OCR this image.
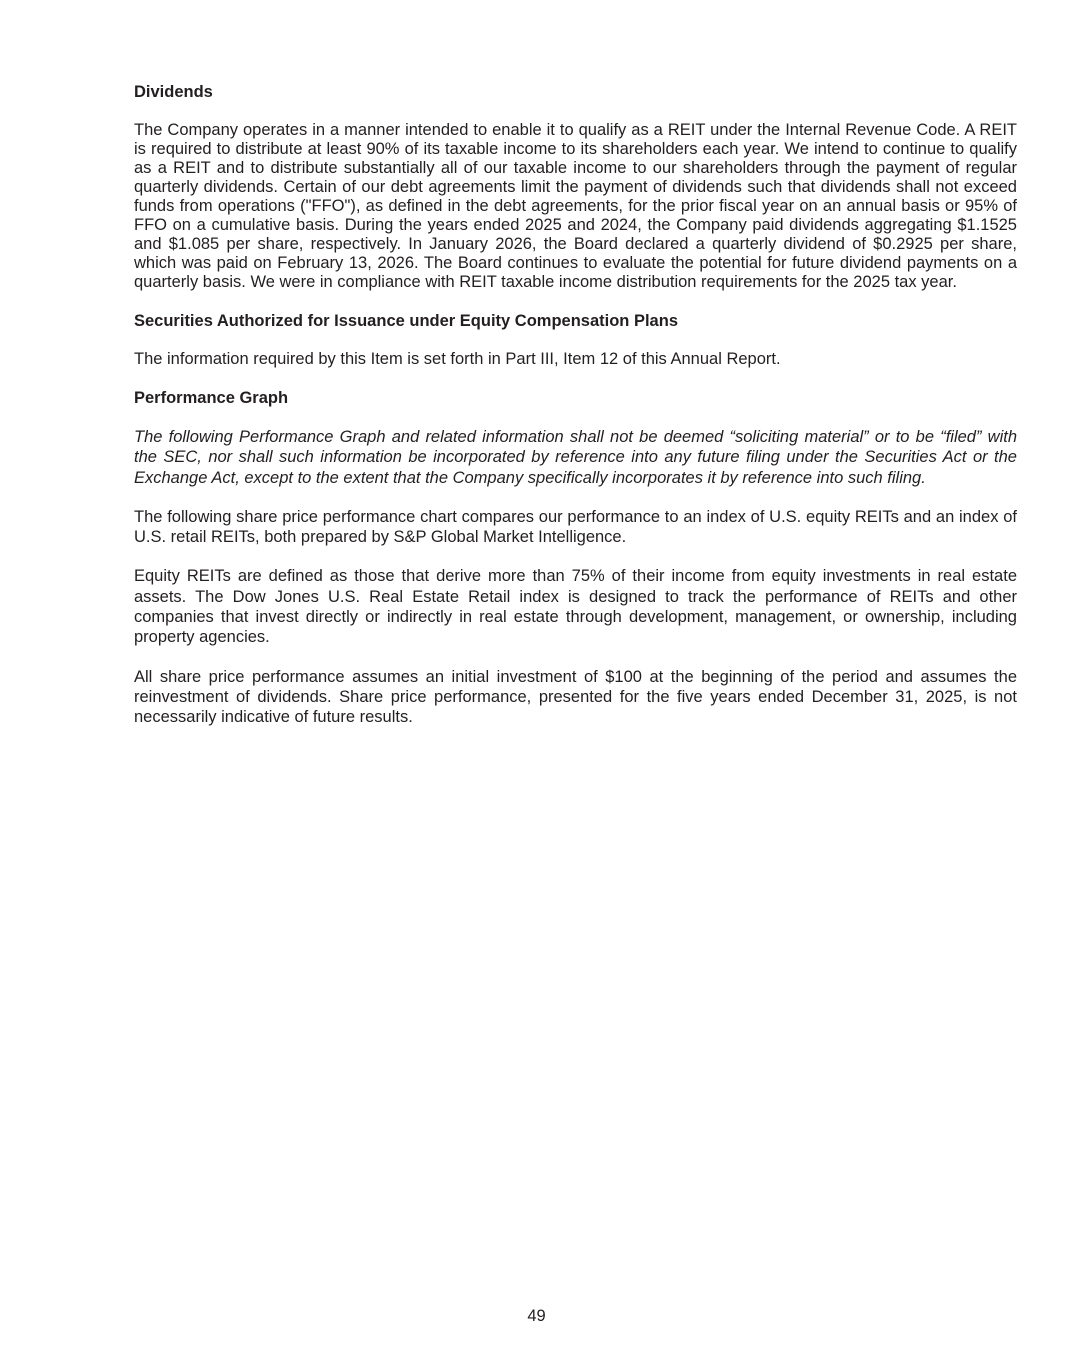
Dividends

The Company operates in a manner intended to enable it to qualify as a REIT under the Internal Revenue Code. A REIT is required to distribute at least 90% of its taxable income to its shareholders each year. We intend to continue to qualify as a REIT and to distribute substantially all of our taxable income to our shareholders through the payment of regular quarterly dividends. Certain of our debt agreements limit the payment of dividends such that dividends shall not exceed funds from operations ("FFO"), as defined in the debt agreements, for the prior fiscal year on an annual basis or 95% of FFO on a cumulative basis. During the years ended 2025 and 2024, the Company paid dividends aggregating $1.1525 and $1.085 per share, respectively. In January 2026, the Board declared a quarterly dividend of $0.2925 per share, which was paid on February 13, 2026. The Board continues to evaluate the potential for future dividend payments on a quarterly basis. We were in compliance with REIT taxable income distribution requirements for the 2025 tax year.

Securities Authorized for Issuance under Equity Compensation Plans

The information required by this Item is set forth in Part III, Item 12 of this Annual Report.

Performance Graph

The following Performance Graph and related information shall not be deemed “soliciting material” or to be “filed” with the SEC, nor shall such information be incorporated by reference into any future filing under the Securities Act or the Exchange Act, except to the extent that the Company specifically incorporates it by reference into such filing.

The following share price performance chart compares our performance to an index of U.S. equity REITs and an index of U.S. retail REITs, both prepared by S&P Global Market Intelligence.

Equity REITs are defined as those that derive more than 75% of their income from equity investments in real estate assets. The Dow Jones U.S. Real Estate Retail index is designed to track the performance of REITs and other companies that invest directly or indirectly in real estate through development, management, or ownership, including property agencies.

All share price performance assumes an initial investment of $100 at the beginning of the period and assumes the reinvestment of dividends. Share price performance, presented for the five years ended December 31, 2025, is not necessarily indicative of future results.

49
